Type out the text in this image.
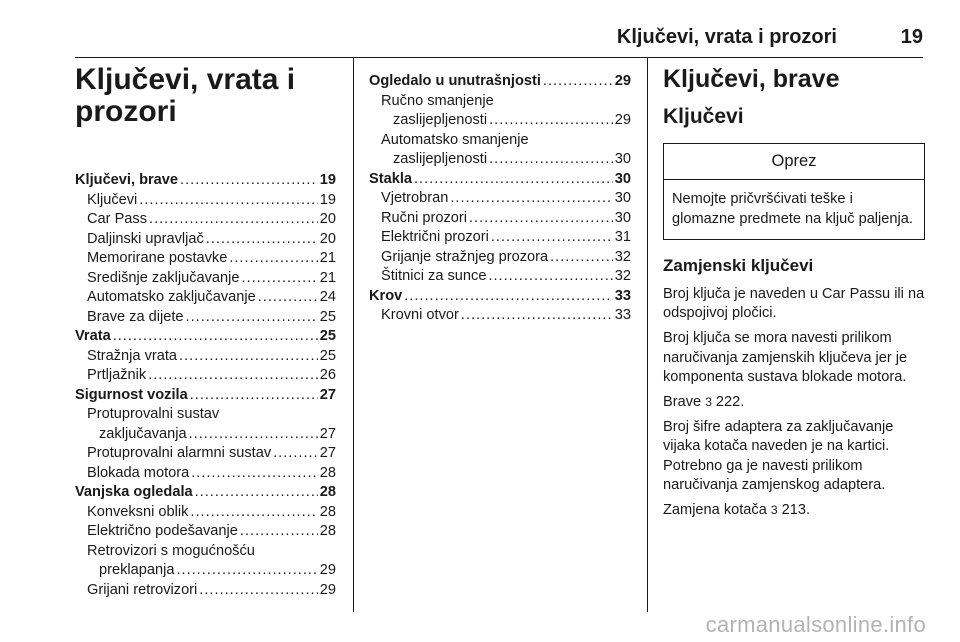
Ključevi, vrata i prozori	19
Ključevi, vrata i
prozori
Ključevi, brave .....	19
Ključevi .....	19
Car Pass .....	20
Daljinski upravljač .....	20
Memorirane postavke .....	21
Središnje zaključavanje .....	21
Automatsko zaključavanje .....	24
Brave za dijete .....	25
Vrata .....	25
Stražnja vrata .....	25
Prtljažnik .....	26
Sigurnost vozila .....	27
Protuprovalni sustav
zaključavanja .....	27
Protuprovalni alarmni sustav .....	27
Blokada motora .....	28
Vanjska ogledala .....	28
Konveksni oblik .....	28
Električno podešavanje .....	28
Retrovizori s mogućnošću
preklapanja .....	29
Grijani retrovizori .....	29
Ogledalo u unutrašnjosti .....	29
Ručno smanjenje
zaslijepljenosti .....	29
Automatsko smanjenje
zaslijepljenosti .....	30
Stakla .....	30
Vjetrobran .....	30
Ručni prozori .....	30
Električni prozori .....	31
Grijanje stražnjeg prozora .....	32
Štitnici za sunce .....	32
Krov .....	33
Krovni otvor .....	33
Ključevi, brave
Ključevi
Oprez
Nemojte pričvršćivati teške i glomazne predmete na ključ paljenja.
Zamjenski ključevi
Broj ključa je naveden u Car Passu ili na odspojivoj pločici.
Broj ključa se mora navesti prilikom naručivanja zamjenskih ključeva jer je komponenta sustava blokade motora.
Brave 3 222.
Broj šifre adaptera za zaključavanje vijaka kotača naveden je na kartici. Potrebno ga je navesti prilikom naručivanja zamjenskog adaptera.
Zamjena kotača 3 213.
carmanualsonline.info
